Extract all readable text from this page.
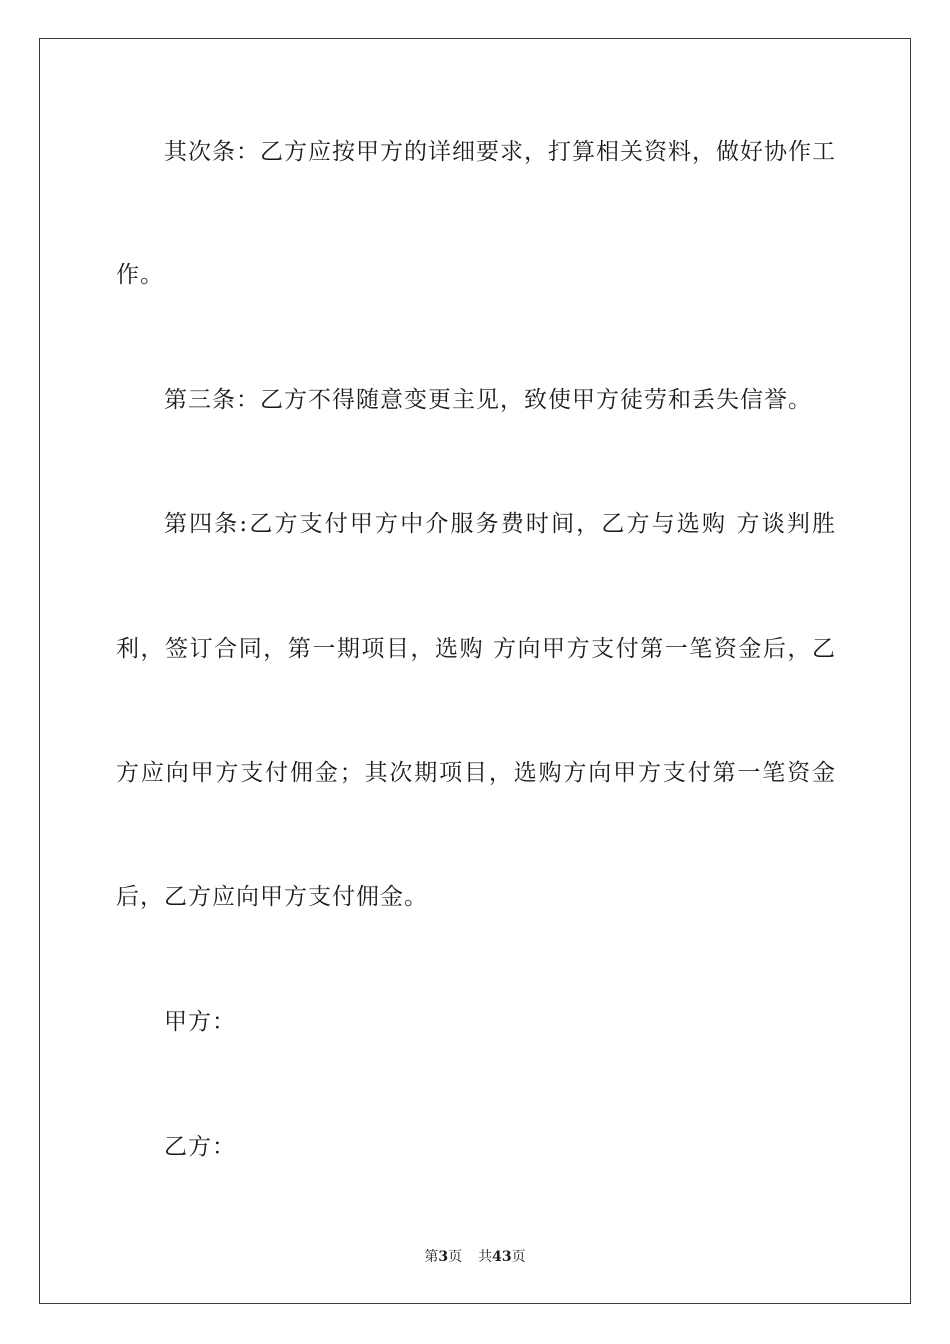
其次条：乙方应按甲方的详细要求，打算相关资料，做好协作工
作。
第三条：乙方不得随意变更主见，致使甲方徒劳和丢失信誉。
第四条:乙方支付甲方中介服务费时间，乙方与选购 方谈判胜
利，签订合同，第一期项目，选购 方向甲方支付第一笔资金后，乙
方应向甲方支付佣金；其次期项目，选购方向甲方支付第一笔资金
后，乙方应向甲方支付佣金。
甲方：
乙方：
第3页 共43页
